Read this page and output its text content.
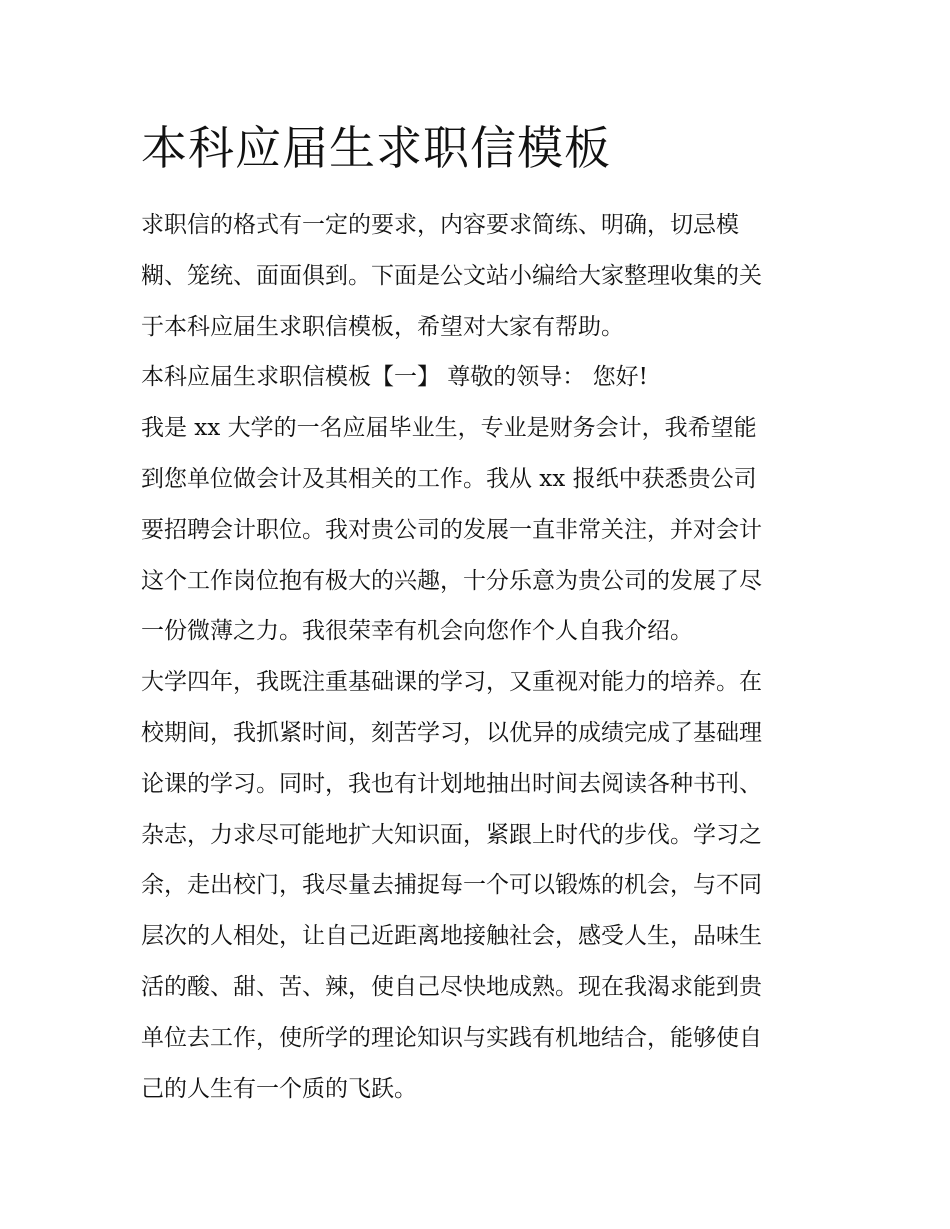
本科应届生求职信模板
求职信的格式有一定的要求，内容要求简练、明确，切忌模
糊、笼统、面面俱到。下面是公文站小编给大家整理收集的关
于本科应届生求职信模板，希望对大家有帮助。
本科应届生求职信模板【一】 尊敬的领导： 您好!
我是 xx 大学的一名应届毕业生，专业是财务会计，我希望能
到您单位做会计及其相关的工作。我从 xx 报纸中获悉贵公司
要招聘会计职位。我对贵公司的发展一直非常关注，并对会计
这个工作岗位抱有极大的兴趣，十分乐意为贵公司的发展了尽
一份微薄之力。我很荣幸有机会向您作个人自我介绍。
大学四年，我既注重基础课的学习，又重视对能力的培养。在
校期间，我抓紧时间，刻苦学习，以优异的成绩完成了基础理
论课的学习。同时，我也有计划地抽出时间去阅读各种书刊、
杂志，力求尽可能地扩大知识面，紧跟上时代的步伐。学习之
余，走出校门，我尽量去捕捉每一个可以锻炼的机会，与不同
层次的人相处，让自己近距离地接触社会，感受人生，品味生
活的酸、甜、苦、辣，使自己尽快地成熟。现在我渴求能到贵
单位去工作，使所学的理论知识与实践有机地结合，能够使自
己的人生有一个质的飞跃。
